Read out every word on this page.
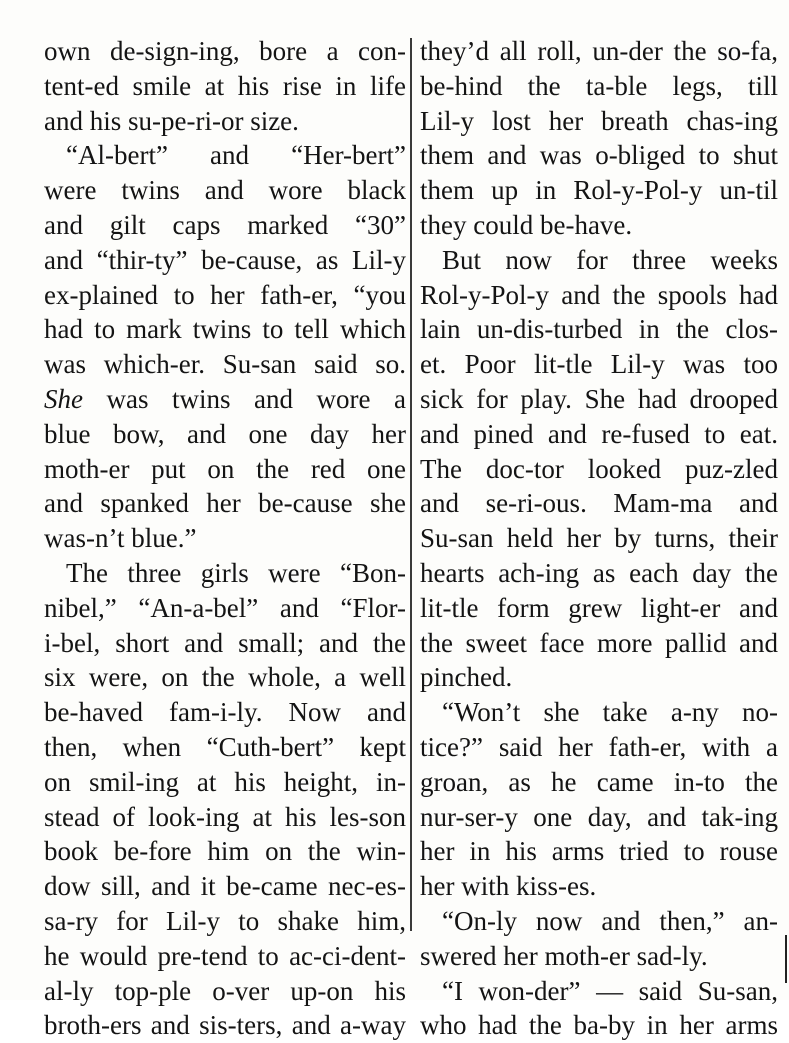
own de-sign-ing, bore a con-
tent-ed smile at his rise in life
and his su-pe-ri-or size.
“Al-bert” and “Her-bert”
were twins and wore black
and gilt caps marked “30”
and “thir-ty” be-cause, as Lil-y
ex-plained to her fath-er, “you
had to mark twins to tell which
was which-er. Su-san said so.
She was twins and wore a
blue bow, and one day her
moth-er put on the red one
and spanked her be-cause she
was-n’t blue.”
The three girls were “Bon-
nibel,” “An-a-bel” and “Flor-
i-bel, short and small; and the
six were, on the whole, a well
be-haved fam-i-ly. Now and
then, when “Cuth-bert” kept
on smil-ing at his height, in-
stead of look-ing at his les-son
book be-fore him on the win-
dow sill, and it be-came nec-es-
sa-ry for Lil-y to shake him,
he would pre-tend to ac-ci-dent-
al-ly top-ple o-ver up-on his
broth-ers and sis-ters, and a-way
they’d all roll, un-der the so-fa,
be-hind the ta-ble legs, till
Lil-y lost her breath chas-ing
them and was o-bliged to shut
them up in Rol-y-Pol-y un-til
they could be-have.
But now for three weeks
Rol-y-Pol-y and the spools had
lain un-dis-turbed in the clos-
et. Poor lit-tle Lil-y was too
sick for play. She had drooped
and pined and re-fused to eat.
The doc-tor looked puz-zled
and se-ri-ous. Mam-ma and
Su-san held her by turns, their
hearts ach-ing as each day the
lit-tle form grew light-er and
the sweet face more pallid and
pinched.
“Won’t she take a-ny no-
tice?” said her fath-er, with a
groan, as he came in-to the
nur-ser-y one day, and tak-ing
her in his arms tried to rouse
her with kiss-es.
“On-ly now and then,” an-
swered her moth-er sad-ly.
“I won-der” — said Su-san,
who had the ba-by in her arms
